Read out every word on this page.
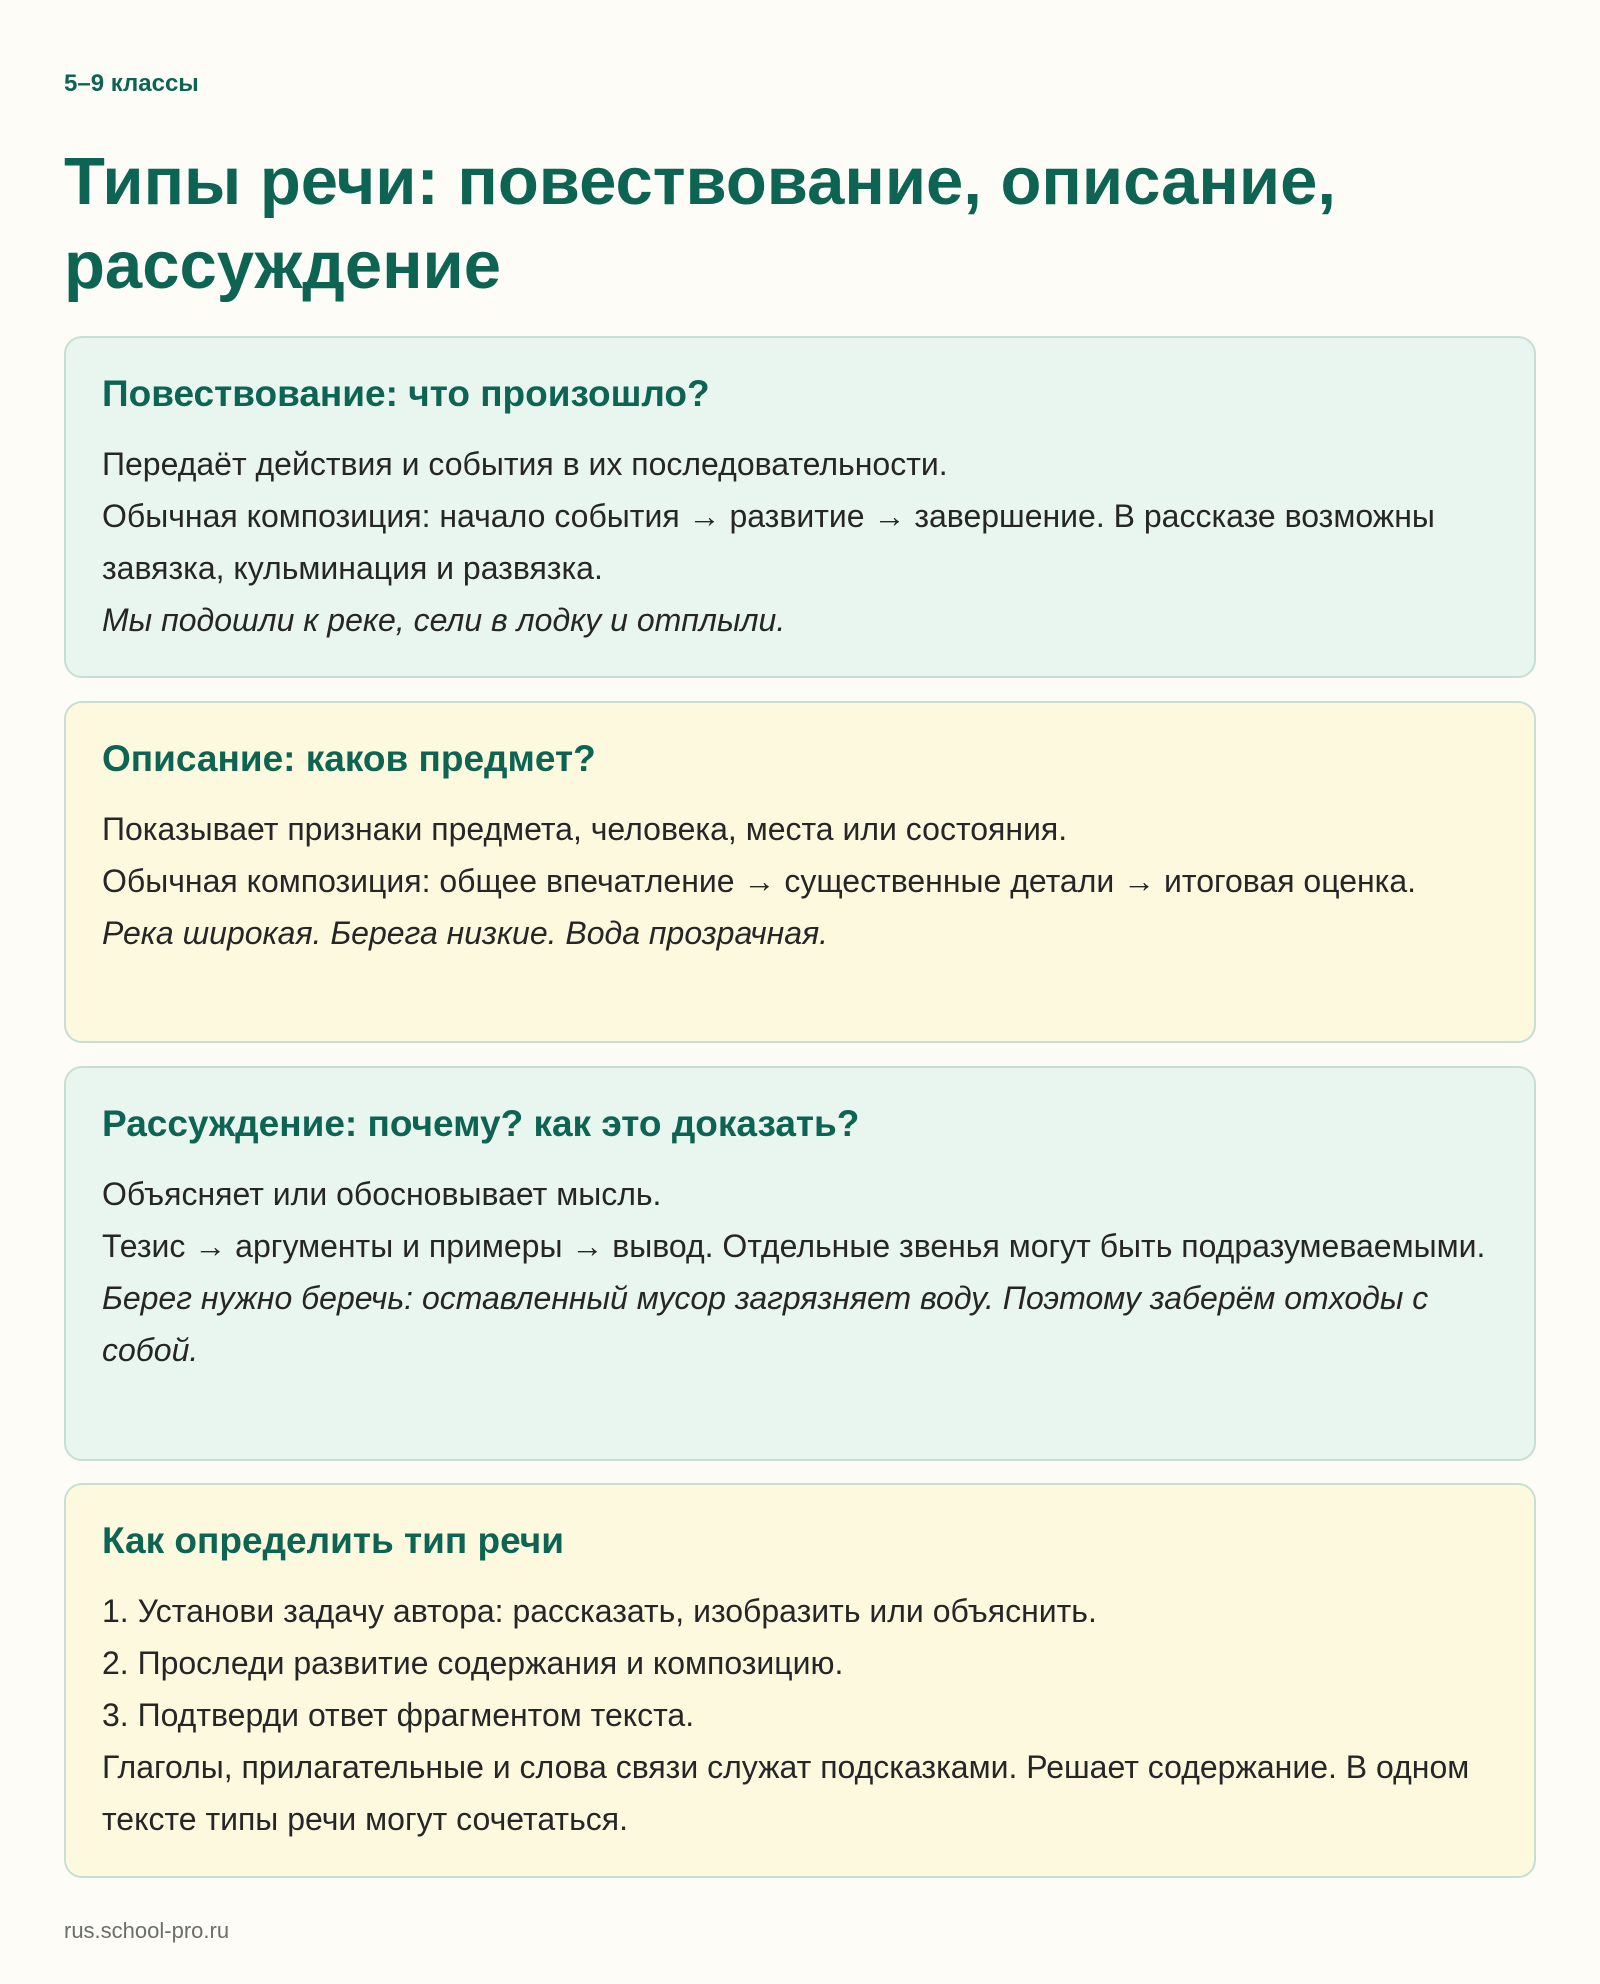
5–9 классы

Типы речи: повествование, описание, рассуждение
Повествование: что произошло?

Передаёт действия и события в их последовательности.

Обычная композиция: начало события → развитие → завершение. В рассказе возможны завязка, кульминация и развязка.

Мы подошли к реке, сели в лодку и отплыли.

Описание: каков предмет?

Показывает признаки предмета, человека, места или состояния.

Обычная композиция: общее впечатление → существенные детали → итоговая оценка.

Река широкая. Берега низкие. Вода прозрачная.

Рассуждение: почему? как это доказать?

Объясняет или обосновывает мысль.

Тезис → аргументы и примеры → вывод. Отдельные звенья могут быть подразумеваемыми.

Берег нужно беречь: оставленный мусор загрязняет воду. Поэтому заберём отходы с собой.

Как определить тип речи

1. Установи задачу автора: рассказать, изобразить или объяснить.

2. Проследи развитие содержания и композицию.

3. Подтверди ответ фрагментом текста.

Глаголы, прилагательные и слова связи служат подсказками. Решает содержание. В одном тексте типы речи могут сочетаться.

rus.school-pro.ru
